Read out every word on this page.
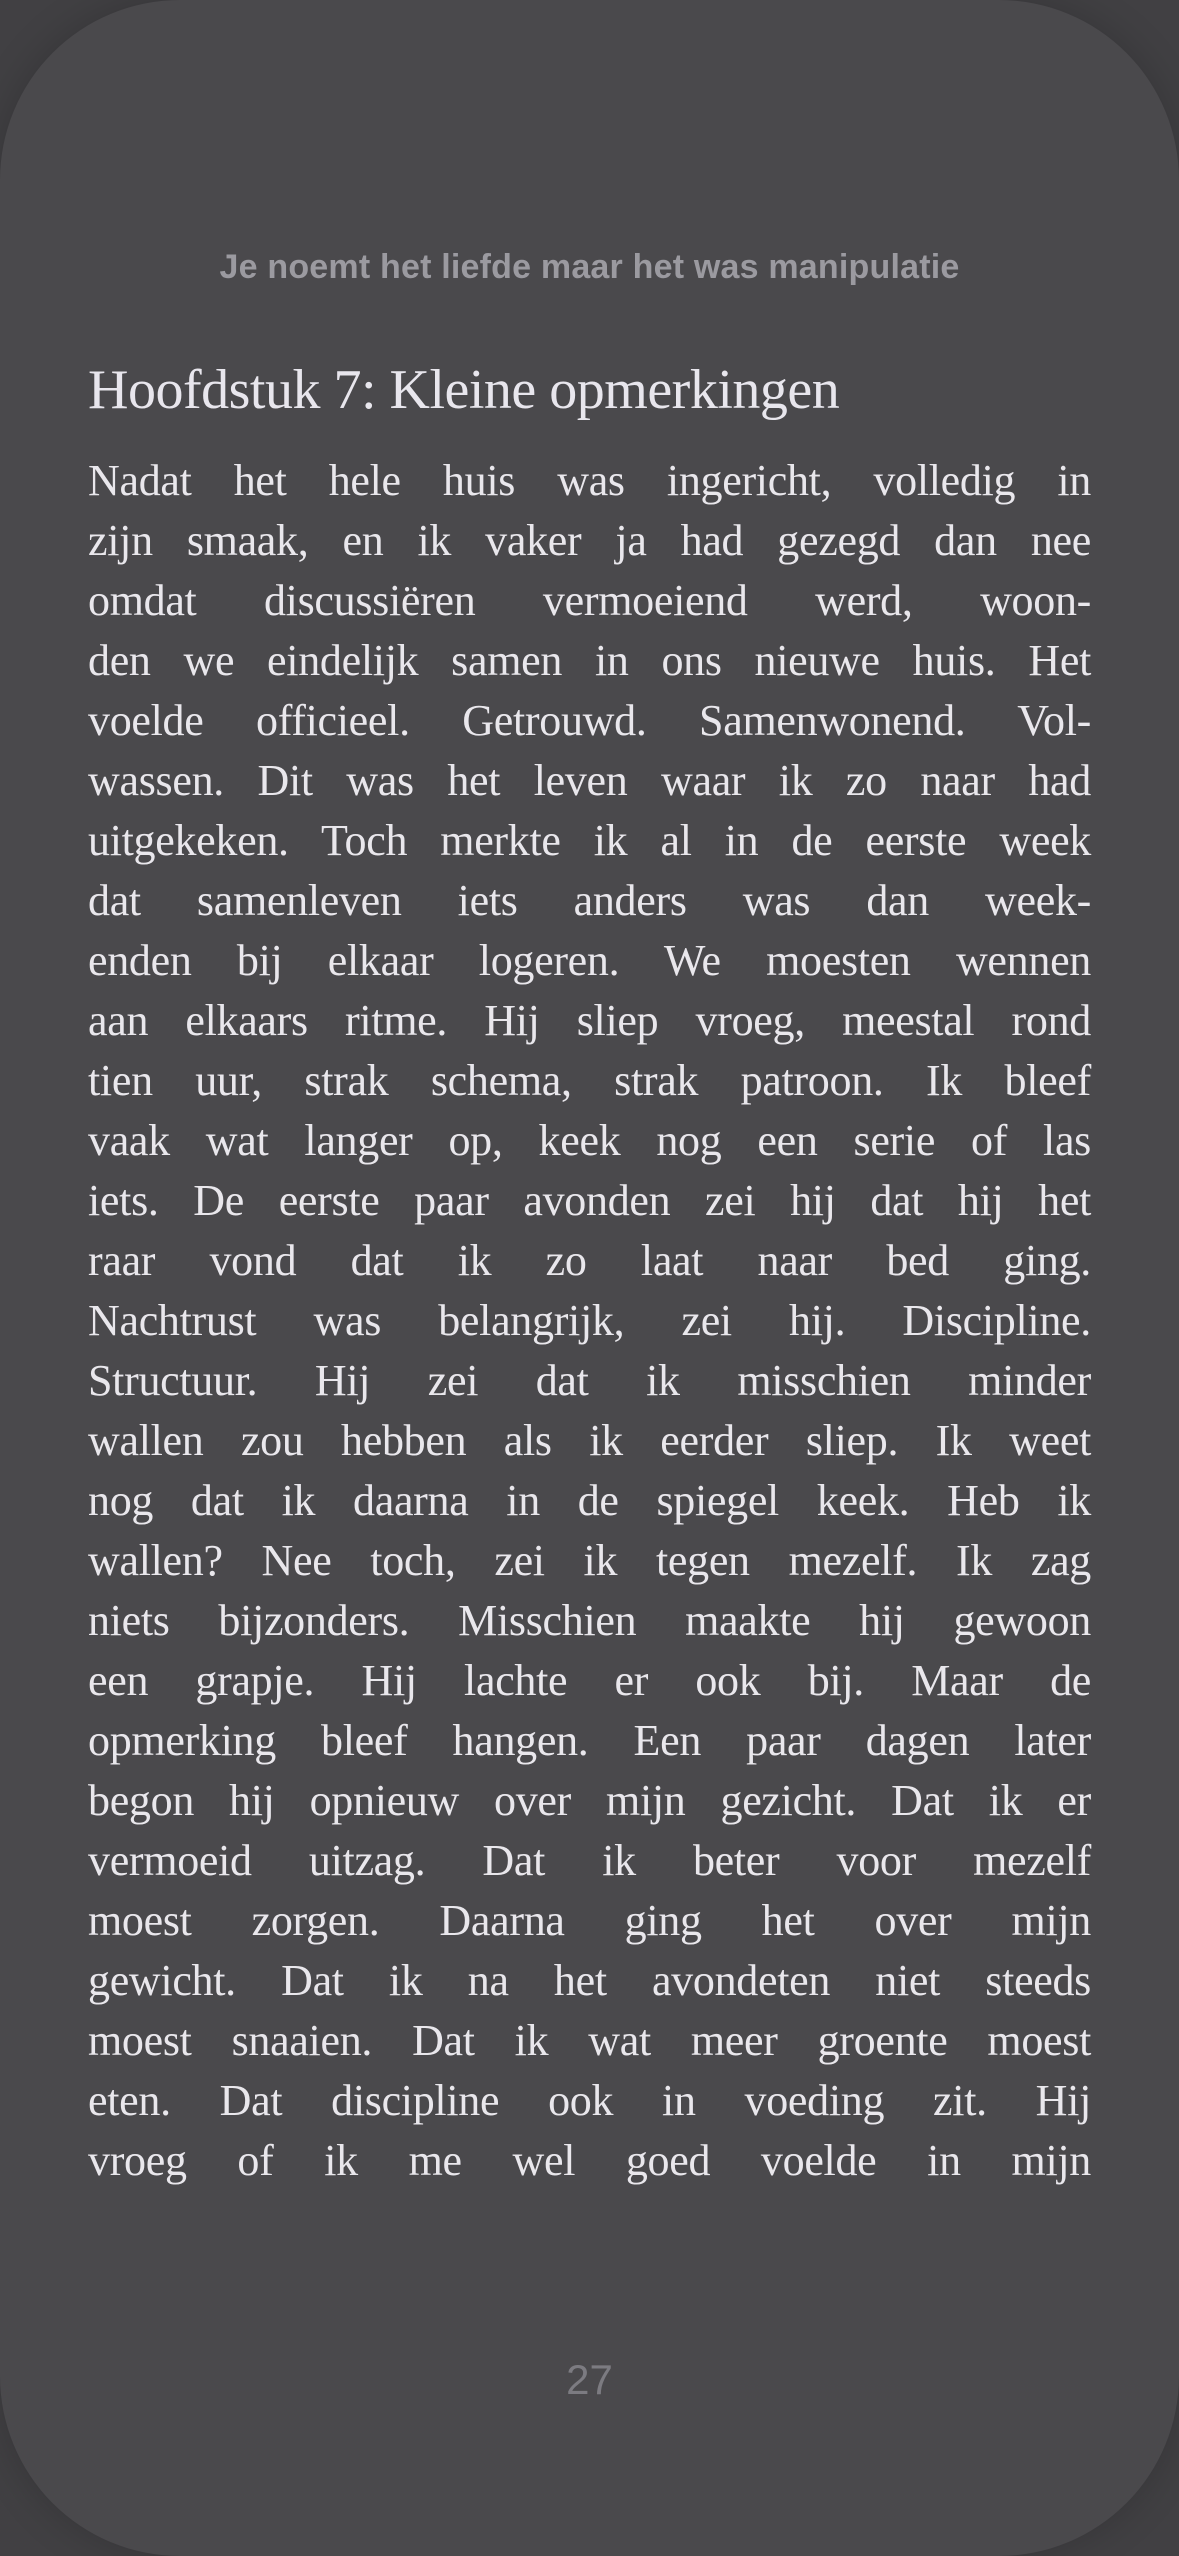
Je noemt het liefde maar het was manipulatie
Hoofdstuk 7: Kleine opmerkingen
Nadat het hele huis was ingericht, volledig in
zijn smaak, en ik vaker ja had gezegd dan nee
omdat discussiëren vermoeiend werd, woon-
den we eindelijk samen in ons nieuwe huis. Het
voelde officieel. Getrouwd. Samenwonend. Vol-
wassen. Dit was het leven waar ik zo naar had
uitgekeken. Toch merkte ik al in de eerste week
dat samenleven iets anders was dan week-
enden bij elkaar logeren. We moesten wennen
aan elkaars ritme. Hij sliep vroeg, meestal rond
tien uur, strak schema, strak patroon. Ik bleef
vaak wat langer op, keek nog een serie of las
iets. De eerste paar avonden zei hij dat hij het
raar vond dat ik zo laat naar bed ging.
Nachtrust was belangrijk, zei hij. Discipline.
Structuur. Hij zei dat ik misschien minder
wallen zou hebben als ik eerder sliep. Ik weet
nog dat ik daarna in de spiegel keek. Heb ik
wallen? Nee toch, zei ik tegen mezelf. Ik zag
niets bijzonders. Misschien maakte hij gewoon
een grapje. Hij lachte er ook bij. Maar de
opmerking bleef hangen. Een paar dagen later
begon hij opnieuw over mijn gezicht. Dat ik er
vermoeid uitzag. Dat ik beter voor mezelf
moest zorgen. Daarna ging het over mijn
gewicht. Dat ik na het avondeten niet steeds
moest snaaien. Dat ik wat meer groente moest
eten. Dat discipline ook in voeding zit. Hij
vroeg of ik me wel goed voelde in mijn
27
